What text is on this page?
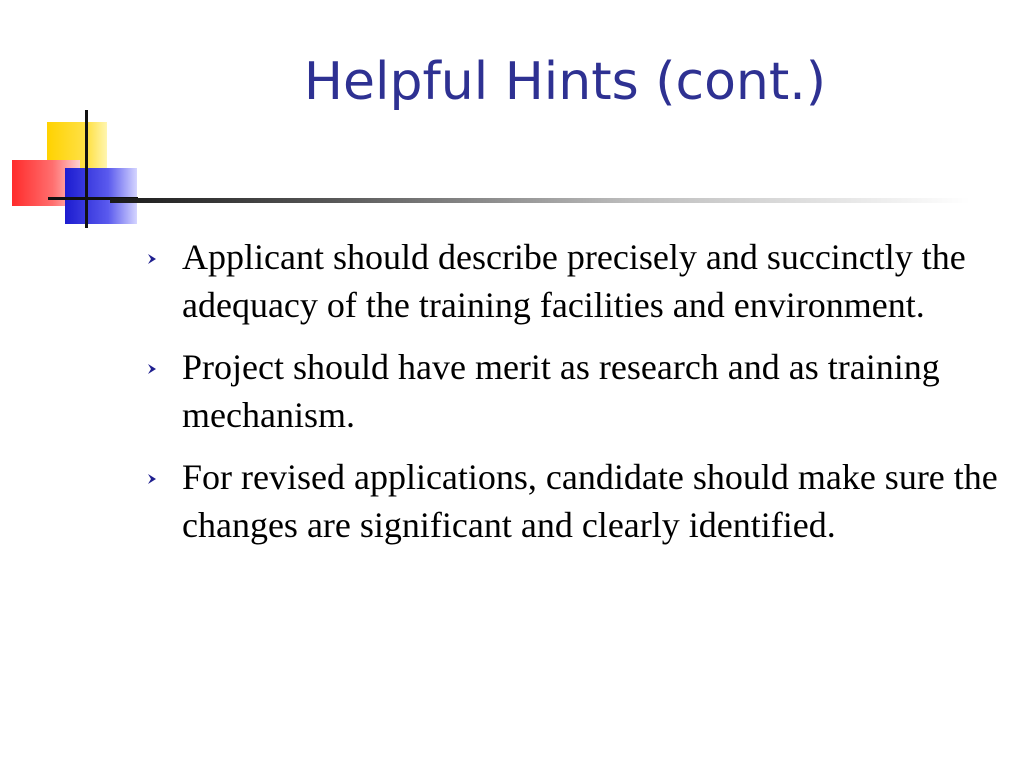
Helpful Hints (cont.)
Applicant should describe precisely and succinctly the adequacy of the training facilities and environment.
Project should have merit as research and as training mechanism.
For revised applications, candidate should make sure the changes are significant and clearly identified.
